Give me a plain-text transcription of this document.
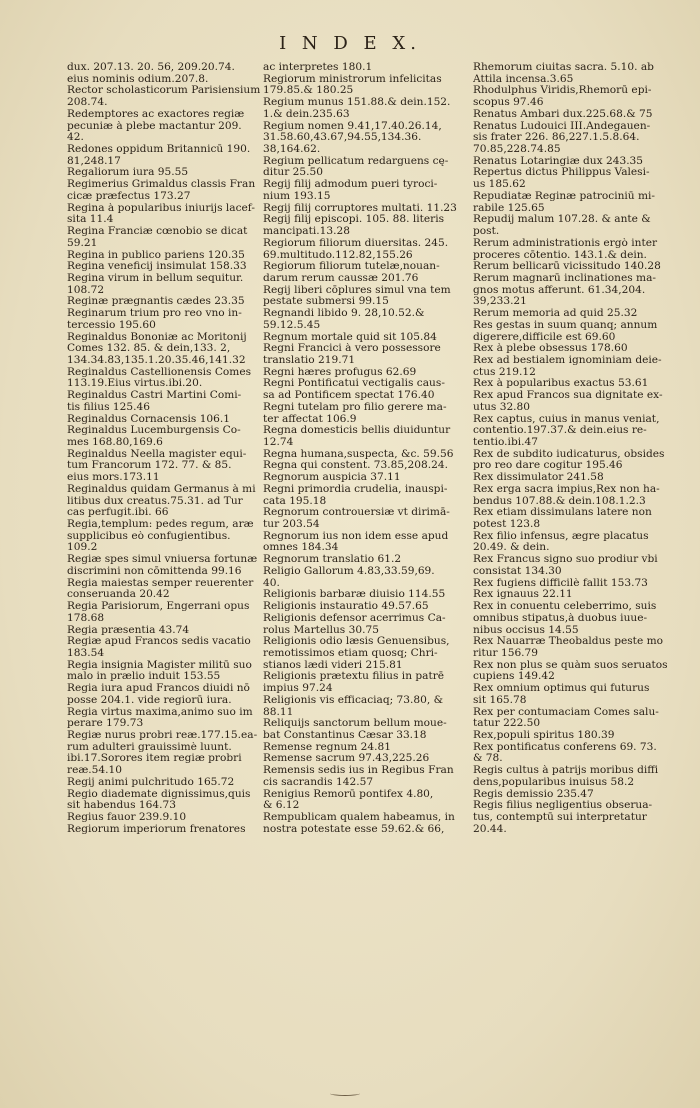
I N D E X.
dux. 207.13. 20. 56, 209.20.74.
eius nominis odium.207.8.
Rector scholasticorum Parisiensium
208.74.
Redemptores ac exactores regiæ
pecuniæ à plebe mactantur 209.
42.
Redones oppidum Britannicū 190.
81,248.17
Regaliorum iura 95.55
Regimerius Grimaldus classis Fran
cicæ præfectus 173.27
Regina à popularibus iniurijs lacef-
sita 11.4
Regina Franciæ cœnobio se dicat
59.21
Regina in publico pariens 120.35
Regina veneficij insimulat 158.33
Regina virum in bellum sequitur.
108.72
Reginæ prægnantis cædes 23.35
Reginarum trium pro reo vno in-
tercessio 195.60
Reginaldus Bononiæ ac Moritonij
Comes 132. 85. & dein,133. 2,
134.34.83,135.1.20.35.46,141.32
Reginaldus Castellionensis Comes
113.19.Eius virtus.ibi.20.
Reginaldus Castri Martini Comi-
tis filius 125.46
Reginaldus Cornacensis 106.1
Reginaldus Lucemburgensis Co-
mes 168.80,169.6
Reginaldus Neella magister equi-
tum Francorum 172. 77. & 85.
eius mors.173.11
Reginaldus quidam Germanus à mi
litibus dux creatus.75.31. ad Tur
cas perfugit.ibi. 66
Regia,templum: pedes regum, aræ
supplicibus eò confugientibus.
109.2
Regiæ spes simul vniuersa fortunæ
discrimini non cōmittenda 99.16
Regia maiestas semper reuerenter
conseruanda 20.42
Regia Parisiorum, Engerrani opus
178.68
Regia præsentia 43.74
Regiæ apud Francos sedis vacatio
183.54
Regia insignia Magister militū suo
malo in prælio induit 153.55
Regia iura apud Francos diuidi nō
posse 204.1. vide regiorū iura.
Regia virtus maxima,animo suo im
perare 179.73
Regiæ nurus probri reæ.177.15.ea-
rum adulteri grauissimè luunt.
ibi.17.Sorores item regiæ probri
reæ.54.10
Regij animi pulchritudo 165.72
Regio diademate dignissimus,quis
sit habendus 164.73
Regius fauor 239.9.10
Regiorum imperiorum frenatores
ac interpretes 180.1
Regiorum ministrorum infelicitas
179.85.& 180.25
Regium munus 151.88.& dein.152.
1.& dein.235.63
Regium nomen 9.41,17.40.26.14,
31.58.60,43.67,94.55,134.36.
38,164.62.
Regium pellicatum redarguens cę-
ditur 25.50
Regij filij admodum pueri tyroci-
nium 193.15
Regij filij corruptores multati. 11.23
Regij filij episcopi. 105. 88. literis
mancipati.13.28
Regiorum filiorum diuersitas. 245.
69.multitudo.112.82,155.26
Regiorum filiorum tutelæ,nouan-
darum rerum caussæ 201.76
Regij liberi cōplures simul vna tem
pestate submersi 99.15
Regnandi libido 9. 28,10.52.&
59.12.5.45
Regnum mortale quid sit 105.84
Regni Francici à vero possessore
translatio 219.71
Regni hæres profugus 62.69
Regni Pontificatui vectigalis caus-
sa ad Pontificem spectat 176.40
Regni tutelam pro filio gerere ma-
ter affectat 106.9
Regna domesticis bellis diuiduntur
12.74
Regna humana,suspecta, &c. 59.56
Regna qui constent. 73.85,208.24.
Regnorum auspicia 37.11
Regni primordia crudelia, inauspi-
cata 195.18
Regnorum controuersiæ vt dirimā-
tur 203.54
Regnorum ius non idem esse apud
omnes 184.34
Regnorum translatio 61.2
Religio Gallorum 4.83,33.59,69.
40.
Religionis barbaræ diuisio 114.55
Religionis instauratio 49.57.65
Religionis defensor acerrimus Ca-
rolus Martellus 30.75
Religionis odio læsis Genuensibus,
remotissimos etiam quosq; Chri-
stianos lædi videri 215.81
Religionis prætextu filius in patrē
impius 97.24
Religionis vis efficaciaq; 73.80, &
88.11
Reliquijs sanctorum bellum moue-
bat Constantinus Cæsar 33.18
Remense regnum 24.81
Remense sacrum 97.43,225.26
Remensis sedis ius in Regibus Fran
cis sacrandis 142.57
Renigius Remorū pontifex 4.80,
& 6.12
Rempublicam qualem habeamus, in
nostra potestate esse 59.62.& 66,
Rhemorum ciuitas sacra. 5.10. ab
Attila incensa.3.65
Rhodulphus Viridis,Rhemorū epi-
scopus 97.46
Renatus Ambari dux.225.68.& 75
Renatus Ludouici III.Andegauen-
sis frater 226. 86,227.1.5.8.64.
70.85,228.74.85
Renatus Lotaringiæ dux 243.35
Repertus dictus Philippus Valesi-
us 185.62
Repudiatæ Reginæ patrociniū mi-
rabile 125.65
Repudij malum 107.28. & ante &
post.
Rerum administrationis ergò inter
proceres cōtentio. 143.1.& dein.
Rerum bellicarū vicissitudo 140.28
Rerum magnarū inclinationes ma-
gnos motus afferunt. 61.34,204.
39,233.21
Rerum memoria ad quid 25.32
Res gestas in suum quanq; annum
digerere,difficile est 69.60
Rex à plebe obsessus 178.60
Rex ad bestialem ignominiam deie-
ctus 219.12
Rex à popularibus exactus 53.61
Rex apud Francos sua dignitate ex-
utus 32.80
Rex captus, cuius in manus veniat,
contentio.197.37.& dein.eius re-
tentio.ibi.47
Rex de subdito iudicaturus, obsides
pro reo dare cogitur 195.46
Rex dissimulator 241.58
Rex erga sacra impius,Rex non ha-
bendus 107.88.& dein.108.1.2.3
Rex etiam dissimulans latere non
potest 123.8
Rex filio infensus, ægre placatus
20.49. & dein.
Rex Francus signo suo prodiur vbi
consistat 134.30
Rex fugiens difficilè fallit 153.73
Rex ignauus 22.11
Rex in conuentu celeberrimo, suis
omnibus stipatus,à duobus iuue-
nibus occisus 14.55
Rex Nauarræ Theobaldus peste mo
ritur 156.79
Rex non plus se quàm suos seruatos
cupiens 149.42
Rex omnium optimus qui futurus
sit 165.78
Rex per contumaciam Comes salu-
tatur 222.50
Rex,populi spiritus 180.39
Rex pontificatus conferens 69. 73.
& 78.
Regis cultus à patrijs moribus diffi
dens,popularibus inuisus 58.2
Regis demissio 235.47
Regis filius negligentius obserua-
tus, contemptū sui interpretatur
20.44.
